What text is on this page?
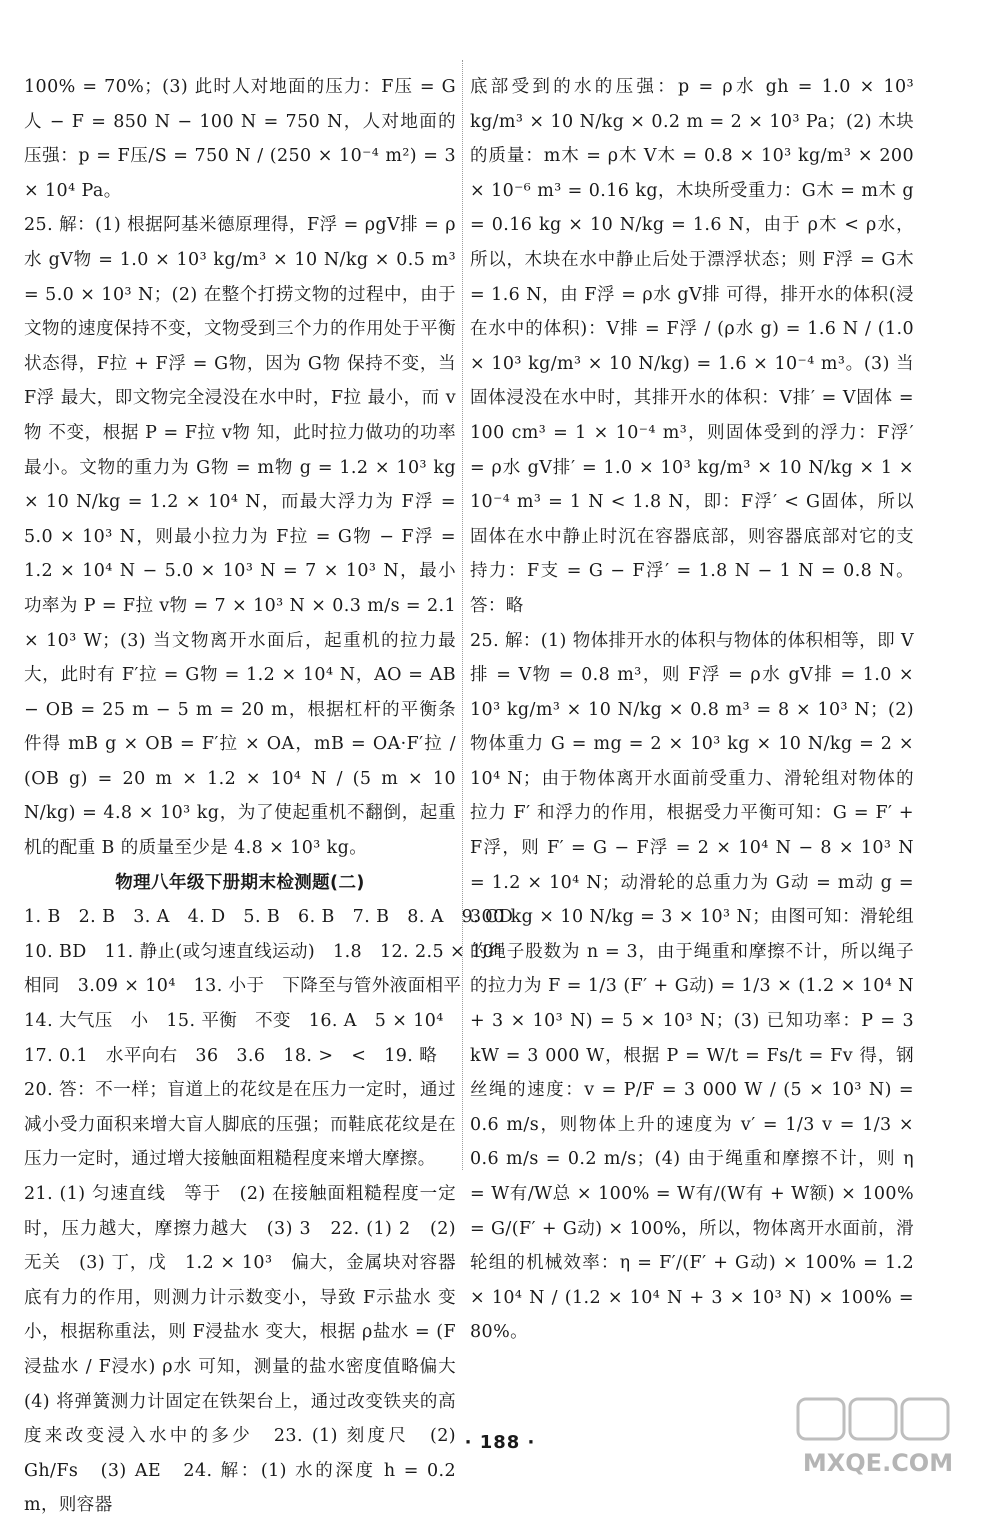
100% = 70%；(3) 此时人对地面的压力：F压 = G人 − F = 850 N − 100 N = 750 N，人对地面的压强：p = F压/S = 750 N / (250 × 10⁻⁴ m²) = 3 × 10⁴ Pa。

25. 解：(1) 根据阿基米德原理得，F浮 = ρgV排 = ρ水 gV物 = 1.0 × 10³ kg/m³ × 10 N/kg × 0.5 m³ = 5.0 × 10³ N；(2) 在整个打捞文物的过程中，由于文物的速度保持不变，文物受到三个力的作用处于平衡状态得，F拉 + F浮 = G物，因为 G物 保持不变，当 F浮 最大，即文物完全浸没在水中时，F拉 最小，而 v物 不变，根据 P = F拉 v物 知，此时拉力做功的功率最小。文物的重力为 G物 = m物 g = 1.2 × 10³ kg × 10 N/kg = 1.2 × 10⁴ N，而最大浮力为 F浮 = 5.0 × 10³ N，则最小拉力为 F拉 = G物 − F浮 = 1.2 × 10⁴ N − 5.0 × 10³ N = 7 × 10³ N，最小功率为 P = F拉 v物 = 7 × 10³ N × 0.3 m/s = 2.1 × 10³ W；(3) 当文物离开水面后，起重机的拉力最大，此时有 F′拉 = G物 = 1.2 × 10⁴ N，AO = AB − OB = 25 m − 5 m = 20 m，根据杠杆的平衡条件得 mB g × OB = F′拉 × OA，mB = OA·F′拉 / (OB g) = 20 m × 1.2 × 10⁴ N / (5 m × 10 N/kg) = 4.8 × 10³ kg，为了使起重机不翻倒，起重机的配重 B 的质量至少是 4.8 × 10³ kg。

物理八年级下册期末检测题(二)

1. B　2. B　3. A　4. D　5. B　6. B　7. B　8. A　9. CD

10. BD　11. 静止(或匀速直线运动)　1.8　12. 2.5 × 10⁸

相同　3.09 × 10⁴　13. 小于　下降至与管外液面相平

14. 大气压　小　15. 平衡　不变　16. A　5 × 10⁴

17. 0.1　水平向右　36　3.6　18. >　<　19. 略

20. 答：不一样；盲道上的花纹是在压力一定时，通过减小受力面积来增大盲人脚底的压强；而鞋底花纹是在压力一定时，通过增大接触面粗糙程度来增大摩擦。

21. (1) 匀速直线　等于　(2) 在接触面粗糙程度一定时，压力越大，摩擦力越大　(3) 3　22. (1) 2　(2) 无关　(3) 丁，戊　1.2 × 10³　偏大，金属块对容器底有力的作用，则测力计示数变小，导致 F示盐水 变小，根据称重法，则 F浸盐水 变大，根据 ρ盐水 = (F浸盐水 / F浸水) ρ水 可知，测量的盐水密度值略偏大　(4) 将弹簧测力计固定在铁架台上，通过改变铁夹的高度来改变浸入水中的多少　23. (1) 刻度尺　(2) Gh/Fs　(3) AE　24. 解：(1) 水的深度 h = 0.2 m，则容器

底部受到的水的压强：p = ρ水 gh = 1.0 × 10³ kg/m³ × 10 N/kg × 0.2 m = 2 × 10³ Pa；(2) 木块的质量：m木 = ρ木 V木 = 0.8 × 10³ kg/m³ × 200 × 10⁻⁶ m³ = 0.16 kg，木块所受重力：G木 = m木 g = 0.16 kg × 10 N/kg = 1.6 N，由于 ρ木 < ρ水，所以，木块在水中静止后处于漂浮状态；则 F浮 = G木 = 1.6 N，由 F浮 = ρ水 gV排 可得，排开水的体积(浸在水中的体积)：V排 = F浮 / (ρ水 g) = 1.6 N / (1.0 × 10³ kg/m³ × 10 N/kg) = 1.6 × 10⁻⁴ m³。(3) 当固体浸没在水中时，其排开水的体积：V排′ = V固体 = 100 cm³ = 1 × 10⁻⁴ m³，则固体受到的浮力：F浮′ = ρ水 gV排′ = 1.0 × 10³ kg/m³ × 10 N/kg × 1 × 10⁻⁴ m³ = 1 N < 1.8 N，即：F浮′ < G固体，所以固体在水中静止时沉在容器底部，则容器底部对它的支持力：F支 = G − F浮′ = 1.8 N − 1 N = 0.8 N。答：略

25. 解：(1) 物体排开水的体积与物体的体积相等，即 V排 = V物 = 0.8 m³，则 F浮 = ρ水 gV排 = 1.0 × 10³ kg/m³ × 10 N/kg × 0.8 m³ = 8 × 10³ N；(2) 物体重力 G = mg = 2 × 10³ kg × 10 N/kg = 2 × 10⁴ N；由于物体离开水面前受重力、滑轮组对物体的拉力 F′ 和浮力的作用，根据受力平衡可知：G = F′ + F浮，则 F′ = G − F浮 = 2 × 10⁴ N − 8 × 10³ N = 1.2 × 10⁴ N；动滑轮的总重力为 G动 = m动 g = 300 kg × 10 N/kg = 3 × 10³ N；由图可知：滑轮组的绳子股数为 n = 3，由于绳重和摩擦不计，所以绳子的拉力为 F = 1/3 (F′ + G动) = 1/3 × (1.2 × 10⁴ N + 3 × 10³ N) = 5 × 10³ N；(3) 已知功率：P = 3 kW = 3 000 W，根据 P = W/t = Fs/t = Fv 得，钢丝绳的速度：v = P/F = 3 000 W / (5 × 10³ N) = 0.6 m/s，则物体上升的速度为 v′ = 1/3 v = 1/3 × 0.6 m/s = 0.2 m/s；(4) 由于绳重和摩擦不计，则 η = W有/W总 × 100% = W有/(W有 + W额) × 100% = G/(F′ + G动) × 100%，所以，物体离开水面前，滑轮组的机械效率：η = F′/(F′ + G动) × 100% = 1.2 × 10⁴ N / (1.2 × 10⁴ N + 3 × 10³ N) × 100% = 80%。

· 188 ·
MXQE.COM
